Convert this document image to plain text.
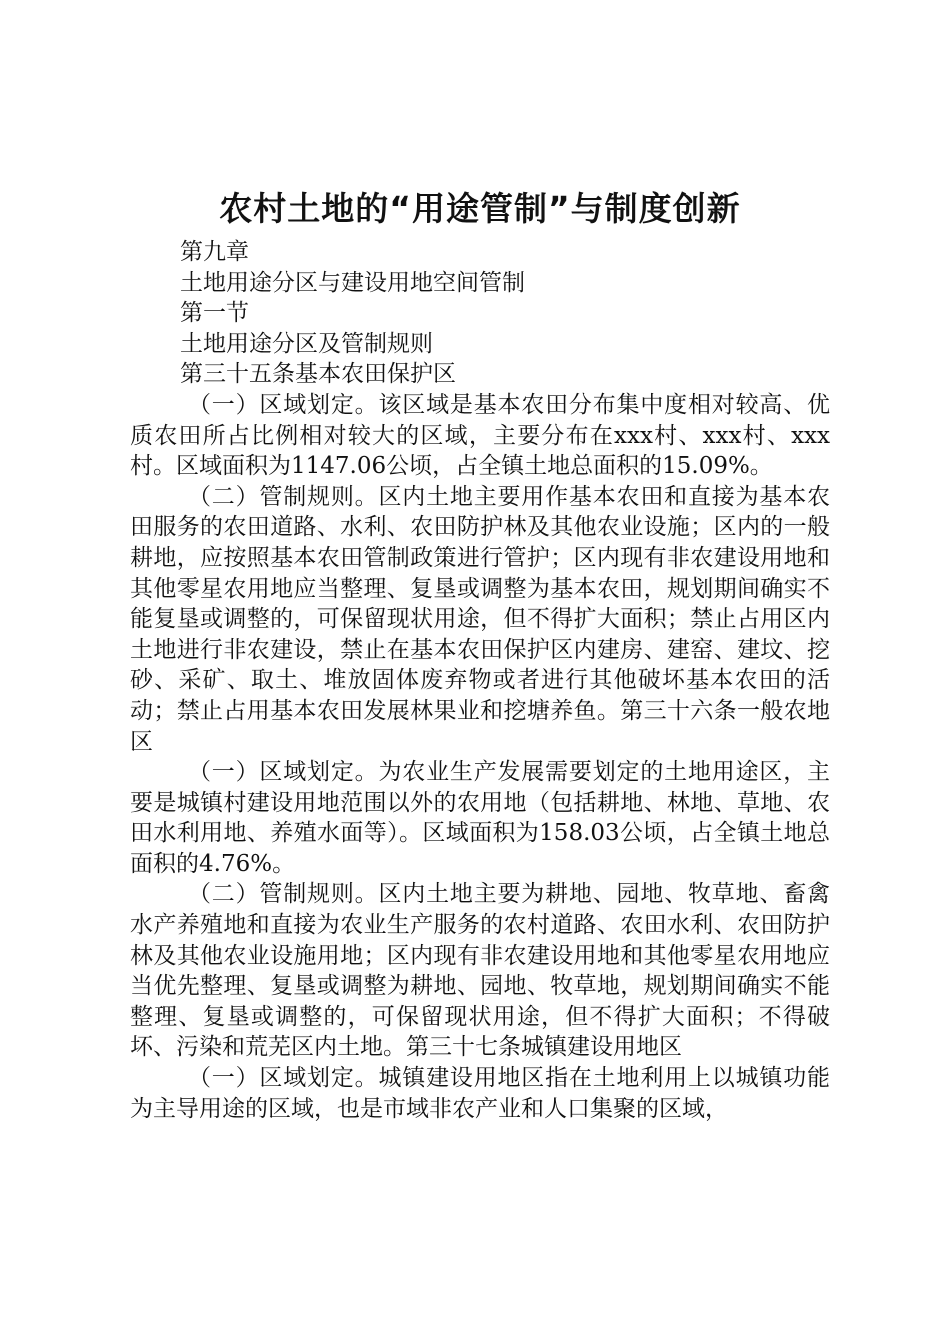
农村土地的“用途管制”与制度创新

第九章

土地用途分区与建设用地空间管制

第一节

土地用途分区及管制规则

第三十五条基本农田保护区

（一）区域划定。该区域是基本农田分布集中度相对较高、优质农田所占比例相对较大的区域，主要分布在xxx村、xxx村、xxx村。区域面积为1147.06公顷，占全镇土地总面积的15.09%。

（二）管制规则。区内土地主要用作基本农田和直接为基本农田服务的农田道路、水利、农田防护林及其他农业设施；区内的一般耕地，应按照基本农田管制政策进行管护；区内现有非农建设用地和其他零星农用地应当整理、复垦或调整为基本农田，规划期间确实不能复垦或调整的，可保留现状用途，但不得扩大面积；禁止占用区内土地进行非农建设，禁止在基本农田保护区内建房、建窑、建坟、挖砂、采矿、取土、堆放固体废弃物或者进行其他破坏基本农田的活动；禁止占用基本农田发展林果业和挖塘养鱼。第三十六条一般农地区

（一）区域划定。为农业生产发展需要划定的土地用途区，主要是城镇村建设用地范围以外的农用地（包括耕地、林地、草地、农田水利用地、养殖水面等）。区域面积为158.03公顷，占全镇土地总面积的4.76%。

（二）管制规则。区内土地主要为耕地、园地、牧草地、畜禽水产养殖地和直接为农业生产服务的农村道路、农田水利、农田防护林及其他农业设施用地；区内现有非农建设用地和其他零星农用地应当优先整理、复垦或调整为耕地、园地、牧草地，规划期间确实不能整理、复垦或调整的，可保留现状用途，但不得扩大面积；不得破坏、污染和荒芜区内土地。第三十七条城镇建设用地区

（一）区域划定。城镇建设用地区指在土地利用上以城镇功能为主导用途的区域，也是市域非农产业和人口集聚的区域，
